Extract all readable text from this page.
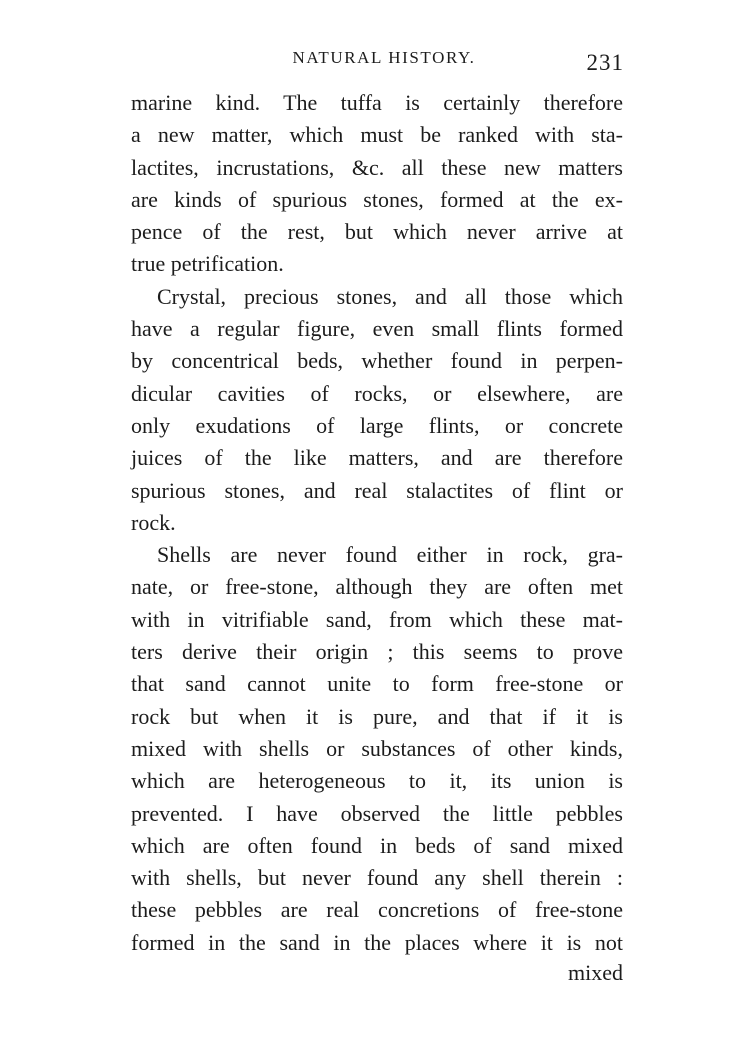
NATURAL HISTORY.	231
marine kind. The tuffa is certainly therefore
a new matter, which must be ranked with sta-
lactites, incrustations, &c. all these new matters
are kinds of spurious stones, formed at the ex-
pence of the rest, but which never arrive at
true petrification.
Crystal, precious stones, and all those which
have a regular figure, even small flints formed
by concentrical beds, whether found in perpen-
dicular cavities of rocks, or elsewhere, are
only exudations of large flints, or concrete
juices of the like matters, and are therefore
spurious stones, and real stalactites of flint or
rock.
Shells are never found either in rock, gra-
nate, or free-stone, although they are often met
with in vitrifiable sand, from which these mat-
ters derive their origin ; this seems to prove
that sand cannot unite to form free-stone or
rock but when it is pure, and that if it is
mixed with shells or substances of other kinds,
which are heterogeneous to it, its union is
prevented. I have observed the little pebbles
which are often found in beds of sand mixed
with shells, but never found any shell therein :
these pebbles are real concretions of free-stone
formed in the sand in the places where it is not
mixed
